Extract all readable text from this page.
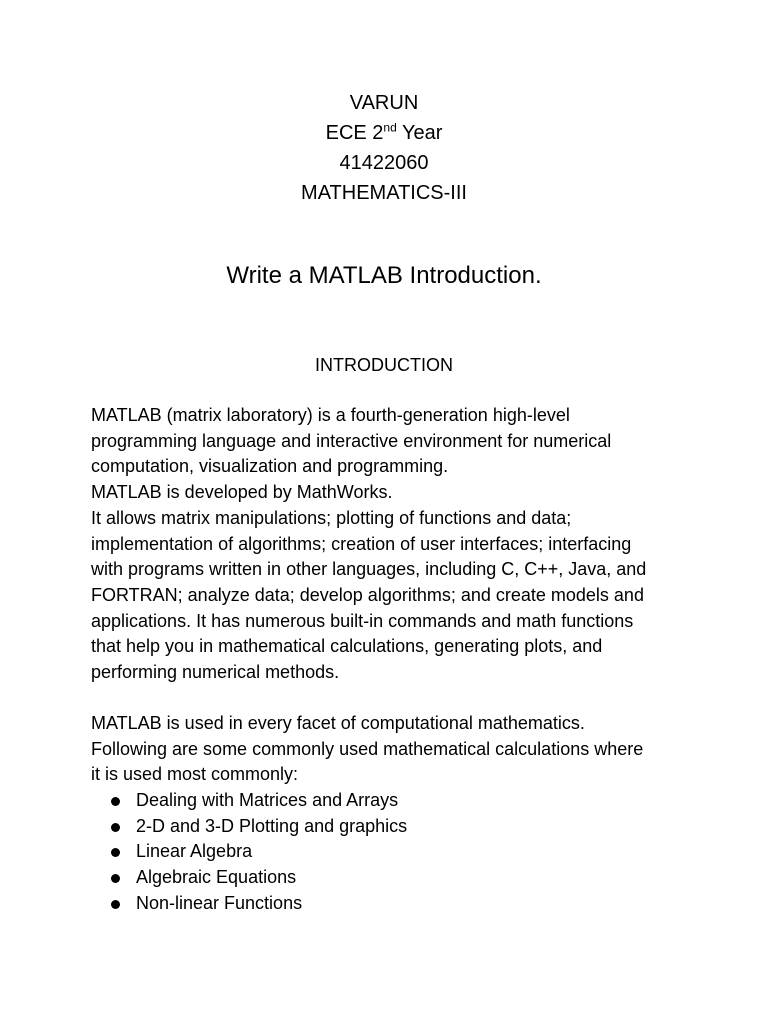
VARUN
ECE 2nd Year
41422060
MATHEMATICS-III
Write a MATLAB Introduction.
INTRODUCTION
MATLAB (matrix laboratory) is a fourth-generation high-level
programming language and interactive environment for numerical
computation, visualization and programming.
MATLAB is developed by MathWorks.
It allows matrix manipulations; plotting of functions and data;
implementation of algorithms; creation of user interfaces; interfacing
with programs written in other languages, including C, C++, Java, and
FORTRAN; analyze data; develop algorithms; and create models and
applications. It has numerous built-in commands and math functions
that help you in mathematical calculations, generating plots, and
performing numerical methods.
MATLAB is used in every facet of computational mathematics.
Following are some commonly used mathematical calculations where
it is used most commonly:
Dealing with Matrices and Arrays
2-D and 3-D Plotting and graphics
Linear Algebra
Algebraic Equations
Non-linear Functions
